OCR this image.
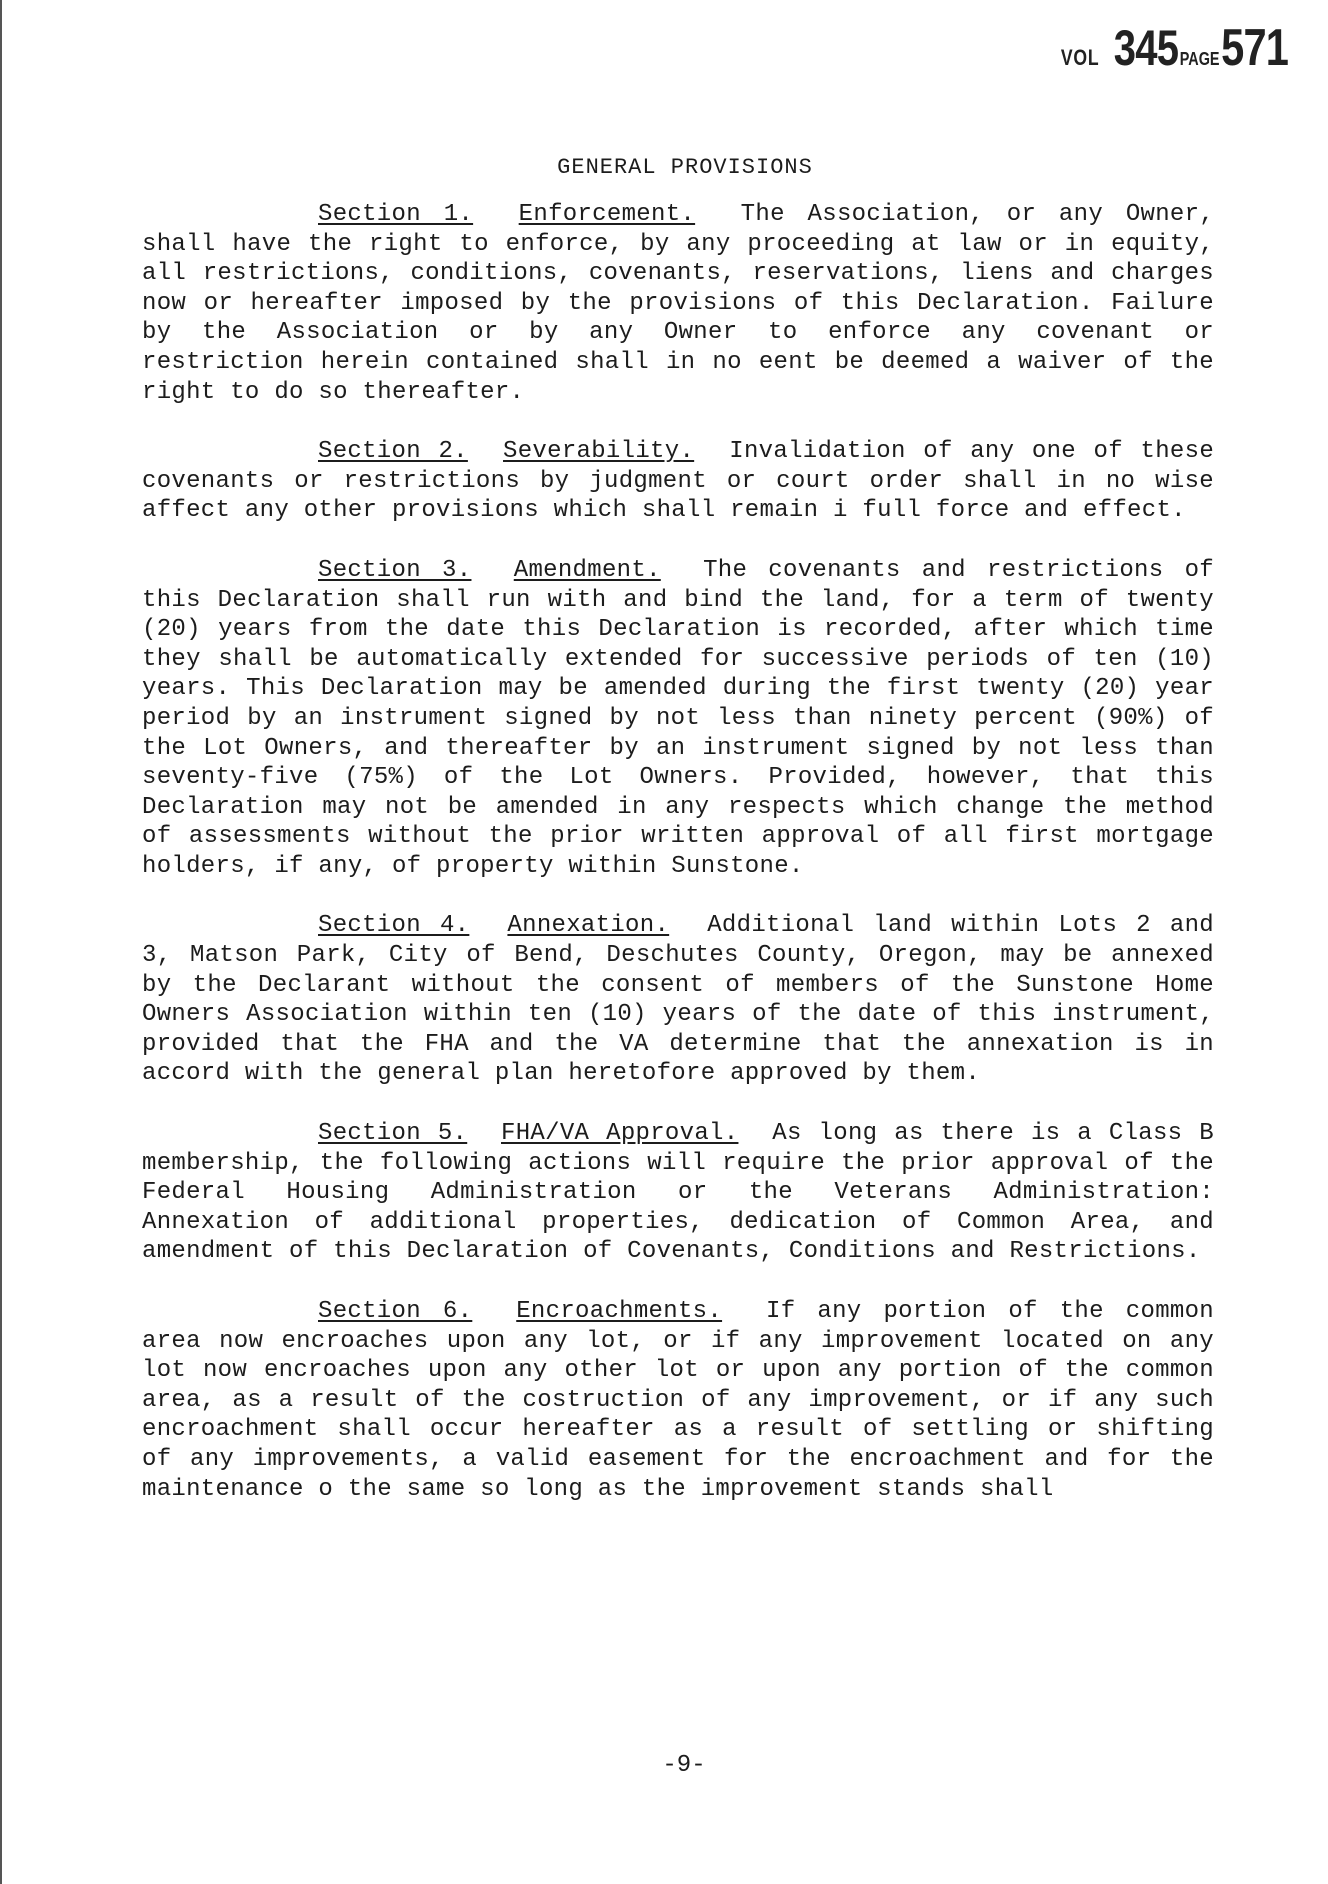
VOL 345 PAGE 571
GENERAL PROVISIONS

Section 1. Enforcement. The Association, or any Owner, shall have the right to enforce, by any proceeding at law or in equity, all restrictions, conditions, covenants, reservations, liens and charges now or hereafter imposed by the provisions of this Declaration. Failure by the Association or by any Owner to enforce any covenant or restriction herein contained shall in no eent be deemed a waiver of the right to do so thereafter.

Section 2. Severability. Invalidation of any one of these covenants or restrictions by judgment or court order shall in no wise affect any other provisions which shall remain i full force and effect.

Section 3. Amendment. The covenants and restrictions of this Declaration shall run with and bind the land, for a term of twenty (20) years from the date this Declaration is recorded, after which time they shall be automatically extended for successive periods of ten (10) years. This Declaration may be amended during the first twenty (20) year period by an instrument signed by not less than ninety percent (90%) of the Lot Owners, and thereafter by an instrument signed by not less than seventy-five (75%) of the Lot Owners. Provided, however, that this Declaration may not be amended in any respects which change the method of assessments without the prior written approval of all first mortgage holders, if any, of property within Sunstone.

Section 4. Annexation. Additional land within Lots 2 and 3, Matson Park, City of Bend, Deschutes County, Oregon, may be annexed by the Declarant without the consent of members of the Sunstone Home Owners Association within ten (10) years of the date of this instrument, provided that the FHA and the VA determine that the annexation is in accord with the general plan heretofore approved by them.

Section 5. FHA/VA Approval. As long as there is a Class B membership, the following actions will require the prior approval of the Federal Housing Administration or the Veterans Administration: Annexation of additional properties, dedication of Common Area, and amendment of this Declaration of Covenants, Conditions and Restrictions.

Section 6. Encroachments. If any portion of the common area now encroaches upon any lot, or if any improvement located on any lot now encroaches upon any other lot or upon any portion of the common area, as a result of the costruction of any improvement, or if any such encroachment shall occur hereafter as a result of settling or shifting of any improvements, a valid easement for the encroachment and for the maintenance o the same so long as the improvement stands shall

-9-
